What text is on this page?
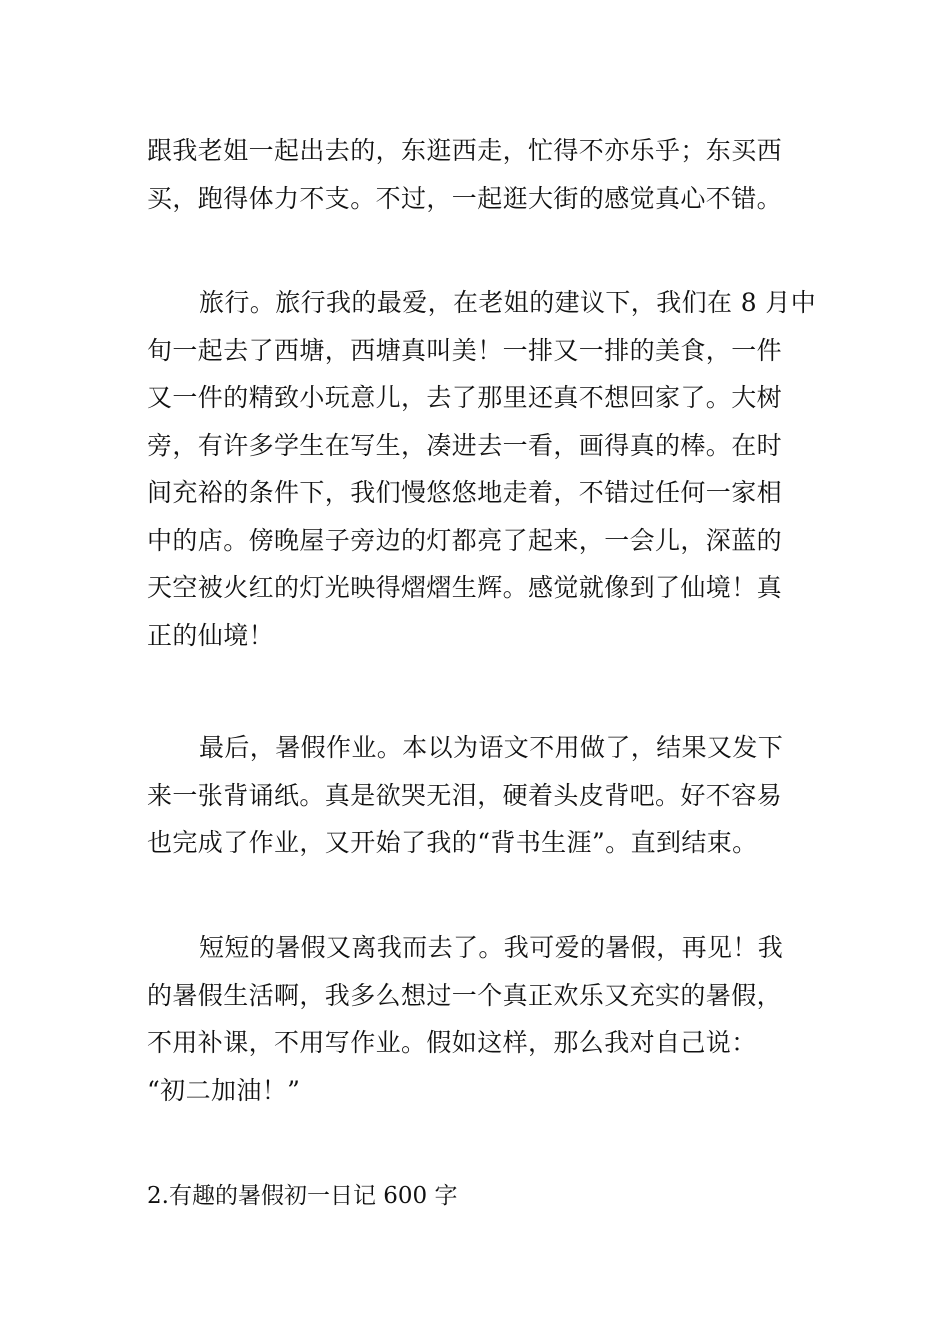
跟我老姐一起出去的，东逛西走，忙得不亦乐乎；东买西
买，跑得体力不支。不过，一起逛大街的感觉真心不错。
旅行。旅行我的最爱，在老姐的建议下，我们在 8 月中
旬一起去了西塘，西塘真叫美！一排又一排的美食，一件
又一件的精致小玩意儿，去了那里还真不想回家了。大树
旁，有许多学生在写生，凑进去一看，画得真的棒。在时
间充裕的条件下，我们慢悠悠地走着，不错过任何一家相
中的店。傍晚屋子旁边的灯都亮了起来，一会儿，深蓝的
天空被火红的灯光映得熠熠生辉。感觉就像到了仙境！真
正的仙境！
最后，暑假作业。本以为语文不用做了，结果又发下
来一张背诵纸。真是欲哭无泪，硬着头皮背吧。好不容易
也完成了作业，又开始了我的“背书生涯”。直到结束。
短短的暑假又离我而去了。我可爱的暑假，再见！我
的暑假生活啊，我多么想过一个真正欢乐又充实的暑假，
不用补课，不用写作业。假如这样，那么我对自己说：
“初二加油！”
2.有趣的暑假初一日记 600 字
